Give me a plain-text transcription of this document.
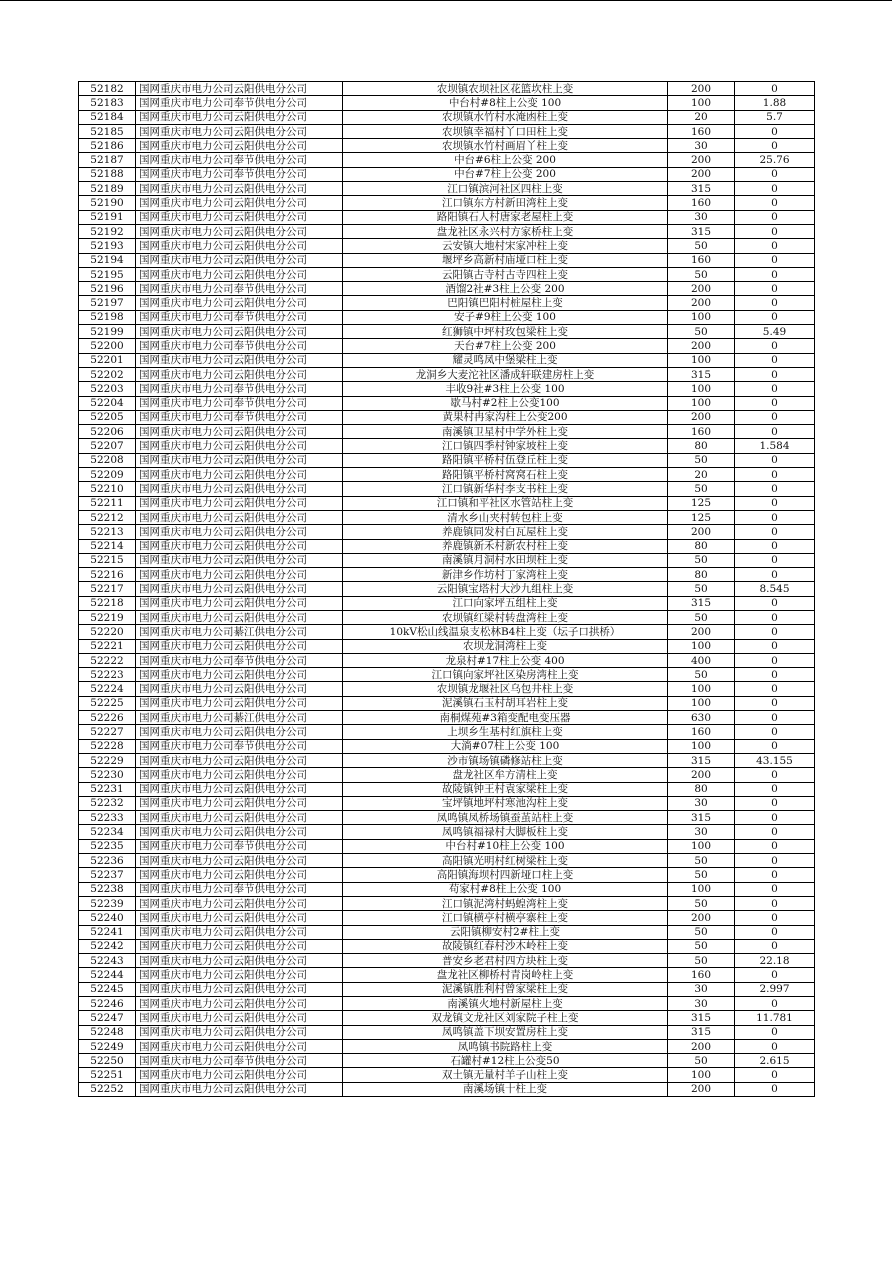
52182	国网重庆市电力公司云阳供电分公司	农坝镇农坝社区花篮坎柱上变	200	0
52183	国网重庆市电力公司奉节供电分公司	中台村#8柱上公变 100	100	1.88
52184	国网重庆市电力公司云阳供电分公司	农坝镇水竹村水淹凼柱上变	20	5.7
52185	国网重庆市电力公司云阳供电分公司	农坝镇幸福村丫口田柱上变	160	0
52186	国网重庆市电力公司云阳供电分公司	农坝镇水竹村画眉丫柱上变	30	0
52187	国网重庆市电力公司奉节供电分公司	中台#6柱上公变 200	200	25.76
52188	国网重庆市电力公司奉节供电分公司	中台#7柱上公变 200	200	0
52189	国网重庆市电力公司云阳供电分公司	江口镇滨河社区四柱上变	315	0
52190	国网重庆市电力公司云阳供电分公司	江口镇东方村新田湾柱上变	160	0
52191	国网重庆市电力公司云阳供电分公司	路阳镇石人村唐家老屋柱上变	30	0
52192	国网重庆市电力公司云阳供电分公司	盘龙社区永兴村方家桥柱上变	315	0
52193	国网重庆市电力公司云阳供电分公司	云安镇大地村宋家冲柱上变	50	0
52194	国网重庆市电力公司云阳供电分公司	堰坪乡高新村庙垭口柱上变	160	0
52195	国网重庆市电力公司云阳供电分公司	云阳镇古寺村古寺四柱上变	50	0
52196	国网重庆市电力公司奉节供电分公司	酒馏2社#3柱上公变 200	200	0
52197	国网重庆市电力公司云阳供电分公司	巴阳镇巴阳村桩屋柱上变	200	0
52198	国网重庆市电力公司奉节供电分公司	安子#9柱上公变 100	100	0
52199	国网重庆市电力公司云阳供电分公司	红狮镇中坪村玫包梁柱上变	50	5.49
52200	国网重庆市电力公司奉节供电分公司	天台#7柱上公变 200	200	0
52201	国网重庆市电力公司云阳供电分公司	耀灵鸣凤中堡梁柱上变	100	0
52202	国网重庆市电力公司云阳供电分公司	龙洞乡大麦沱社区潘成轩联建房柱上变	315	0
52203	国网重庆市电力公司奉节供电分公司	丰收9社#3柱上公变 100	100	0
52204	国网重庆市电力公司奉节供电分公司	歇马村#2柱上公变100	100	0
52205	国网重庆市电力公司奉节供电分公司	黄果村冉家沟柱上公变200	200	0
52206	国网重庆市电力公司云阳供电分公司	南溪镇卫星村中学外柱上变	160	0
52207	国网重庆市电力公司云阳供电分公司	江口镇四季村钟家坡柱上变	80	1.584
52208	国网重庆市电力公司云阳供电分公司	路阳镇平桥村伍登丘柱上变	50	0
52209	国网重庆市电力公司云阳供电分公司	路阳镇平桥村窝窝石柱上变	20	0
52210	国网重庆市电力公司云阳供电分公司	江口镇新华村李支书柱上变	50	0
52211	国网重庆市电力公司云阳供电分公司	江口镇和平社区水管站柱上变	125	0
52212	国网重庆市电力公司云阳供电分公司	清水乡山夹村转包柱上变	125	0
52213	国网重庆市电力公司云阳供电分公司	养鹿镇同发村白瓦屋柱上变	200	0
52214	国网重庆市电力公司云阳供电分公司	养鹿镇新禾村新农村柱上变	80	0
52215	国网重庆市电力公司云阳供电分公司	南溪镇月洞村水田坝柱上变	50	0
52216	国网重庆市电力公司云阳供电分公司	新津乡作坊村丁家湾柱上变	80	0
52217	国网重庆市电力公司云阳供电分公司	云阳镇宝塔村大沙九组柱上变	50	8.545
52218	国网重庆市电力公司云阳供电分公司	江口向家坪五组柱上变	315	0
52219	国网重庆市电力公司云阳供电分公司	农坝镇红梁村转盘湾柱上变	50	0
52220	国网重庆市电力公司綦江供电分公司	10kV松山线温泉支松林B4柱上变（坛子口拱桥）	200	0
52221	国网重庆市电力公司云阳供电分公司	农坝龙洞湾柱上变	100	0
52222	国网重庆市电力公司奉节供电分公司	龙泉村#17柱上公变 400	400	0
52223	国网重庆市电力公司云阳供电分公司	江口镇向家坪社区染房湾柱上变	50	0
52224	国网重庆市电力公司云阳供电分公司	农坝镇龙堰社区乌包井柱上变	100	0
52225	国网重庆市电力公司云阳供电分公司	泥溪镇石玉村胡耳岩柱上变	100	0
52226	国网重庆市电力公司綦江供电分公司	南桐煤苑#3箱变配电变压器	630	0
52227	国网重庆市电力公司云阳供电分公司	上坝乡生基村红旗柱上变	160	0
52228	国网重庆市电力公司奉节供电分公司	大淌#07柱上公变 100	100	0
52229	国网重庆市电力公司云阳供电分公司	沙市镇场镇磷修站柱上变	315	43.155
52230	国网重庆市电力公司云阳供电分公司	盘龙社区牟方清柱上变	200	0
52231	国网重庆市电力公司云阳供电分公司	故陵镇钟王村袁家梁柱上变	80	0
52232	国网重庆市电力公司云阳供电分公司	宝坪镇地坪村寒池沟柱上变	30	0
52233	国网重庆市电力公司云阳供电分公司	凤鸣镇凤桥场镇蚕茧站柱上变	315	0
52234	国网重庆市电力公司云阳供电分公司	凤鸣镇福禄村大脚板柱上变	30	0
52235	国网重庆市电力公司奉节供电分公司	中台村#10柱上公变 100	100	0
52236	国网重庆市电力公司云阳供电分公司	高阳镇光明村红树梁柱上变	50	0
52237	国网重庆市电力公司云阳供电分公司	高阳镇海坝村四新垭口柱上变	50	0
52238	国网重庆市电力公司奉节供电分公司	苟家村#8柱上公变 100	100	0
52239	国网重庆市电力公司云阳供电分公司	江口镇泥湾村蚂蝗湾柱上变	50	0
52240	国网重庆市电力公司云阳供电分公司	江口镇横亭村横亭寨柱上变	200	0
52241	国网重庆市电力公司云阳供电分公司	云阳镇柳安村2#柱上变	50	0
52242	国网重庆市电力公司云阳供电分公司	故陵镇红春村沙木岭柱上变	50	0
52243	国网重庆市电力公司云阳供电分公司	普安乡老君村四方块柱上变	50	22.18
52244	国网重庆市电力公司云阳供电分公司	盘龙社区柳桥村青岗岭柱上变	160	0
52245	国网重庆市电力公司云阳供电分公司	泥溪镇胜利村曾家梁柱上变	30	2.997
52246	国网重庆市电力公司云阳供电分公司	南溪镇火地村新屋柱上变	30	0
52247	国网重庆市电力公司云阳供电分公司	双龙镇文龙社区刘家院子柱上变	315	11.781
52248	国网重庆市电力公司云阳供电分公司	凤鸣镇盖下坝安置房柱上变	315	0
52249	国网重庆市电力公司云阳供电分公司	凤鸣镇书院路柱上变	200	0
52250	国网重庆市电力公司奉节供电分公司	石罐村#12柱上公变50	50	2.615
52251	国网重庆市电力公司云阳供电分公司	双土镇无量村羊子山柱上变	100	0
52252	国网重庆市电力公司云阳供电分公司	南溪场镇十柱上变	200	0
